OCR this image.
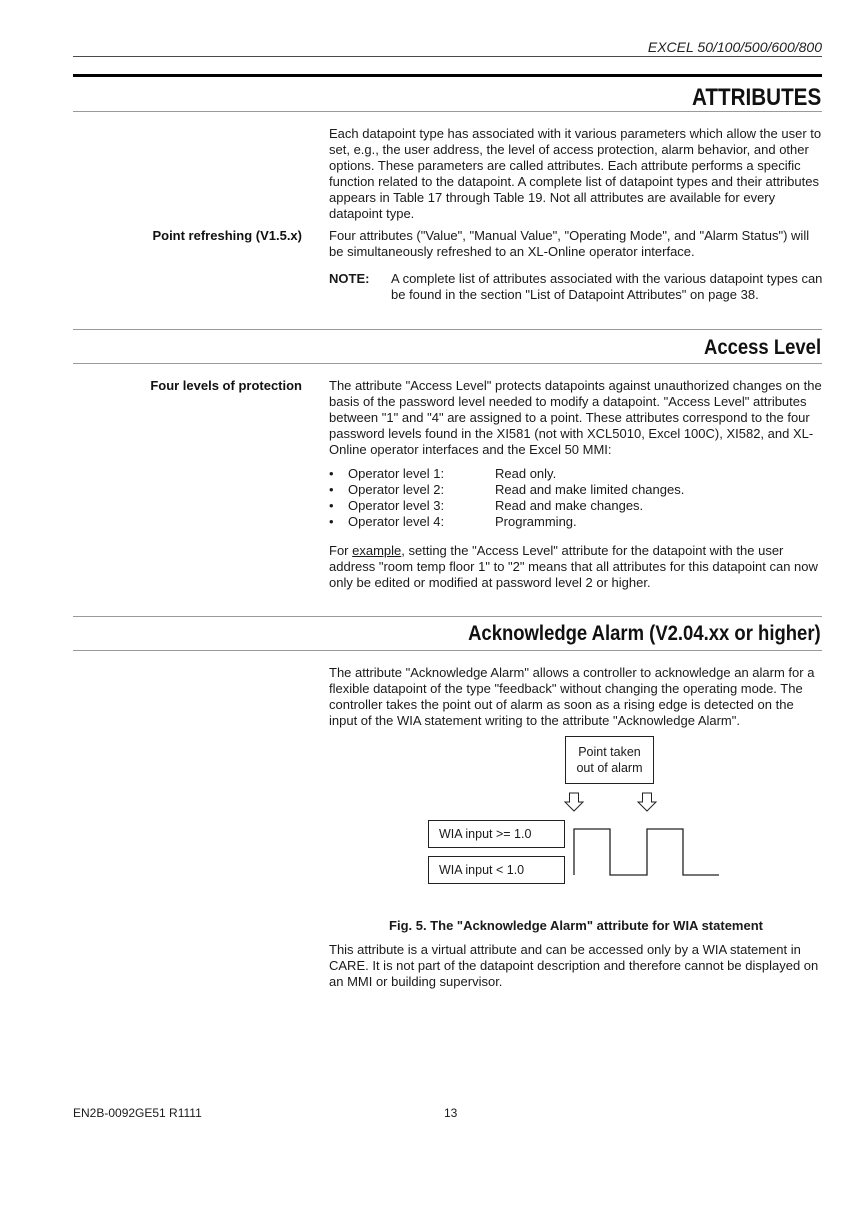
EXCEL 50/100/500/600/800
ATTRIBUTES

Each datapoint type has associated with it various parameters which allow the user to set, e.g., the user address, the level of access protection, alarm behavior, and other options. These parameters are called attributes. Each attribute performs a specific function related to the datapoint. A complete list of datapoint types and their attributes appears in Table 17 through Table 19. Not all attributes are available for every datapoint type.

Point refreshing (V1.5.x) Four attributes ("Value", "Manual Value", "Operating Mode", and "Alarm Status") will be simultaneously refreshed to an XL-Online operator interface.

NOTE: A complete list of attributes associated with the various datapoint types can be found in the section "List of Datapoint Attributes" on page 38.

Access Level
Four levels of protection The attribute "Access Level" protects datapoints against unauthorized changes on the basis of the password level needed to modify a datapoint. "Access Level" attributes between "1" and "4" are assigned to a point. These attributes correspond to the four password levels found in the XI581 (not with XCL5010, Excel 100C), XI582, and XL-Online operator interfaces and the Excel 50 MMI:

• Operator level 1:	Read only.
• Operator level 2:	Read and make limited changes.
• Operator level 3:	Read and make changes.
• Operator level 4:	Programming.

For example, setting the "Access Level" attribute for the datapoint with the user address "room temp floor 1" to "2" means that all attributes for this datapoint can now only be edited or modified at password level 2 or higher.

Acknowledge Alarm (V2.04.xx or higher)

The attribute "Acknowledge Alarm" allows a controller to acknowledge an alarm for a flexible datapoint of the type "feedback" without changing the operating mode. The controller takes the point out of alarm as soon as a rising edge is detected on the input of the WIA statement writing to the attribute "Acknowledge Alarm".

Point taken
out of alarm
WIA input >= 1.0
WIA input < 1.0
Fig. 5. The "Acknowledge Alarm" attribute for WIA statement

This attribute is a virtual attribute and can be accessed only by a WIA statement in CARE. It is not part of the datapoint description and therefore cannot be displayed on an MMI or building supervisor.

EN2B-0092GE51 R1111	13
